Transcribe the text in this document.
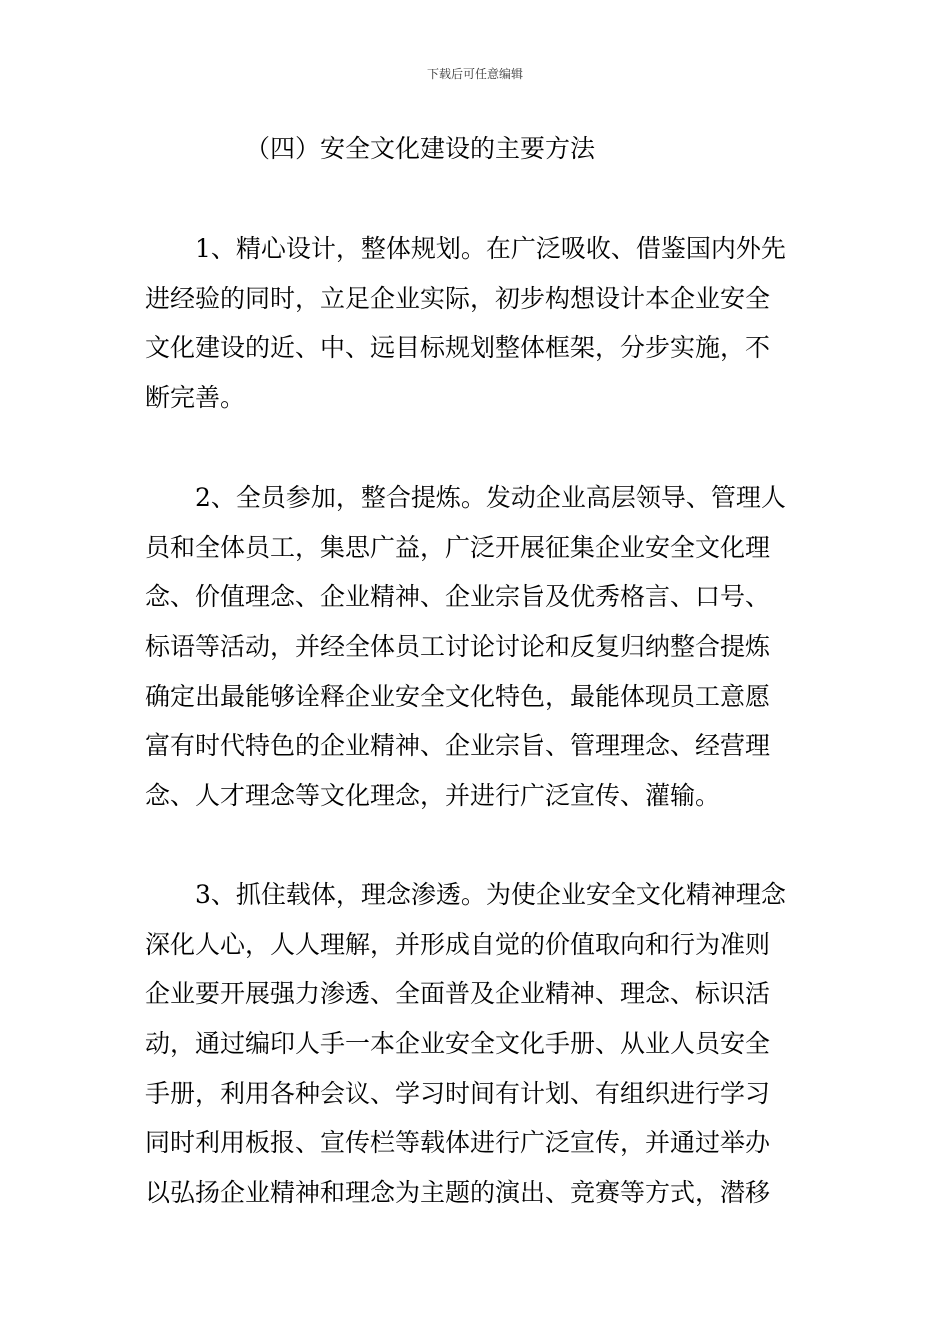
下载后可任意编辑
（四）安全文化建设的主要方法
1、精心设计，整体规划。在广泛吸收、借鉴国内外先
进经验的同时，立足企业实际，初步构想设计本企业安全
文化建设的近、中、远目标规划整体框架，分步实施，不
断完善。
2、全员参加，整合提炼。发动企业高层领导、管理人
员和全体员工，集思广益，广泛开展征集企业安全文化理
念、价值理念、企业精神、企业宗旨及优秀格言、口号、
标语等活动，并经全体员工讨论讨论和反复归纳整合提炼
确定出最能够诠释企业安全文化特色，最能体现员工意愿
富有时代特色的企业精神、企业宗旨、管理理念、经营理
念、人才理念等文化理念，并进行广泛宣传、灌输。
3、抓住载体，理念渗透。为使企业安全文化精神理念
深化人心，人人理解，并形成自觉的价值取向和行为准则
企业要开展强力渗透、全面普及企业精神、理念、标识活
动，通过编印人手一本企业安全文化手册、从业人员安全
手册，利用各种会议、学习时间有计划、有组织进行学习
同时利用板报、宣传栏等载体进行广泛宣传，并通过举办
以弘扬企业精神和理念为主题的演出、竞赛等方式，潜移
